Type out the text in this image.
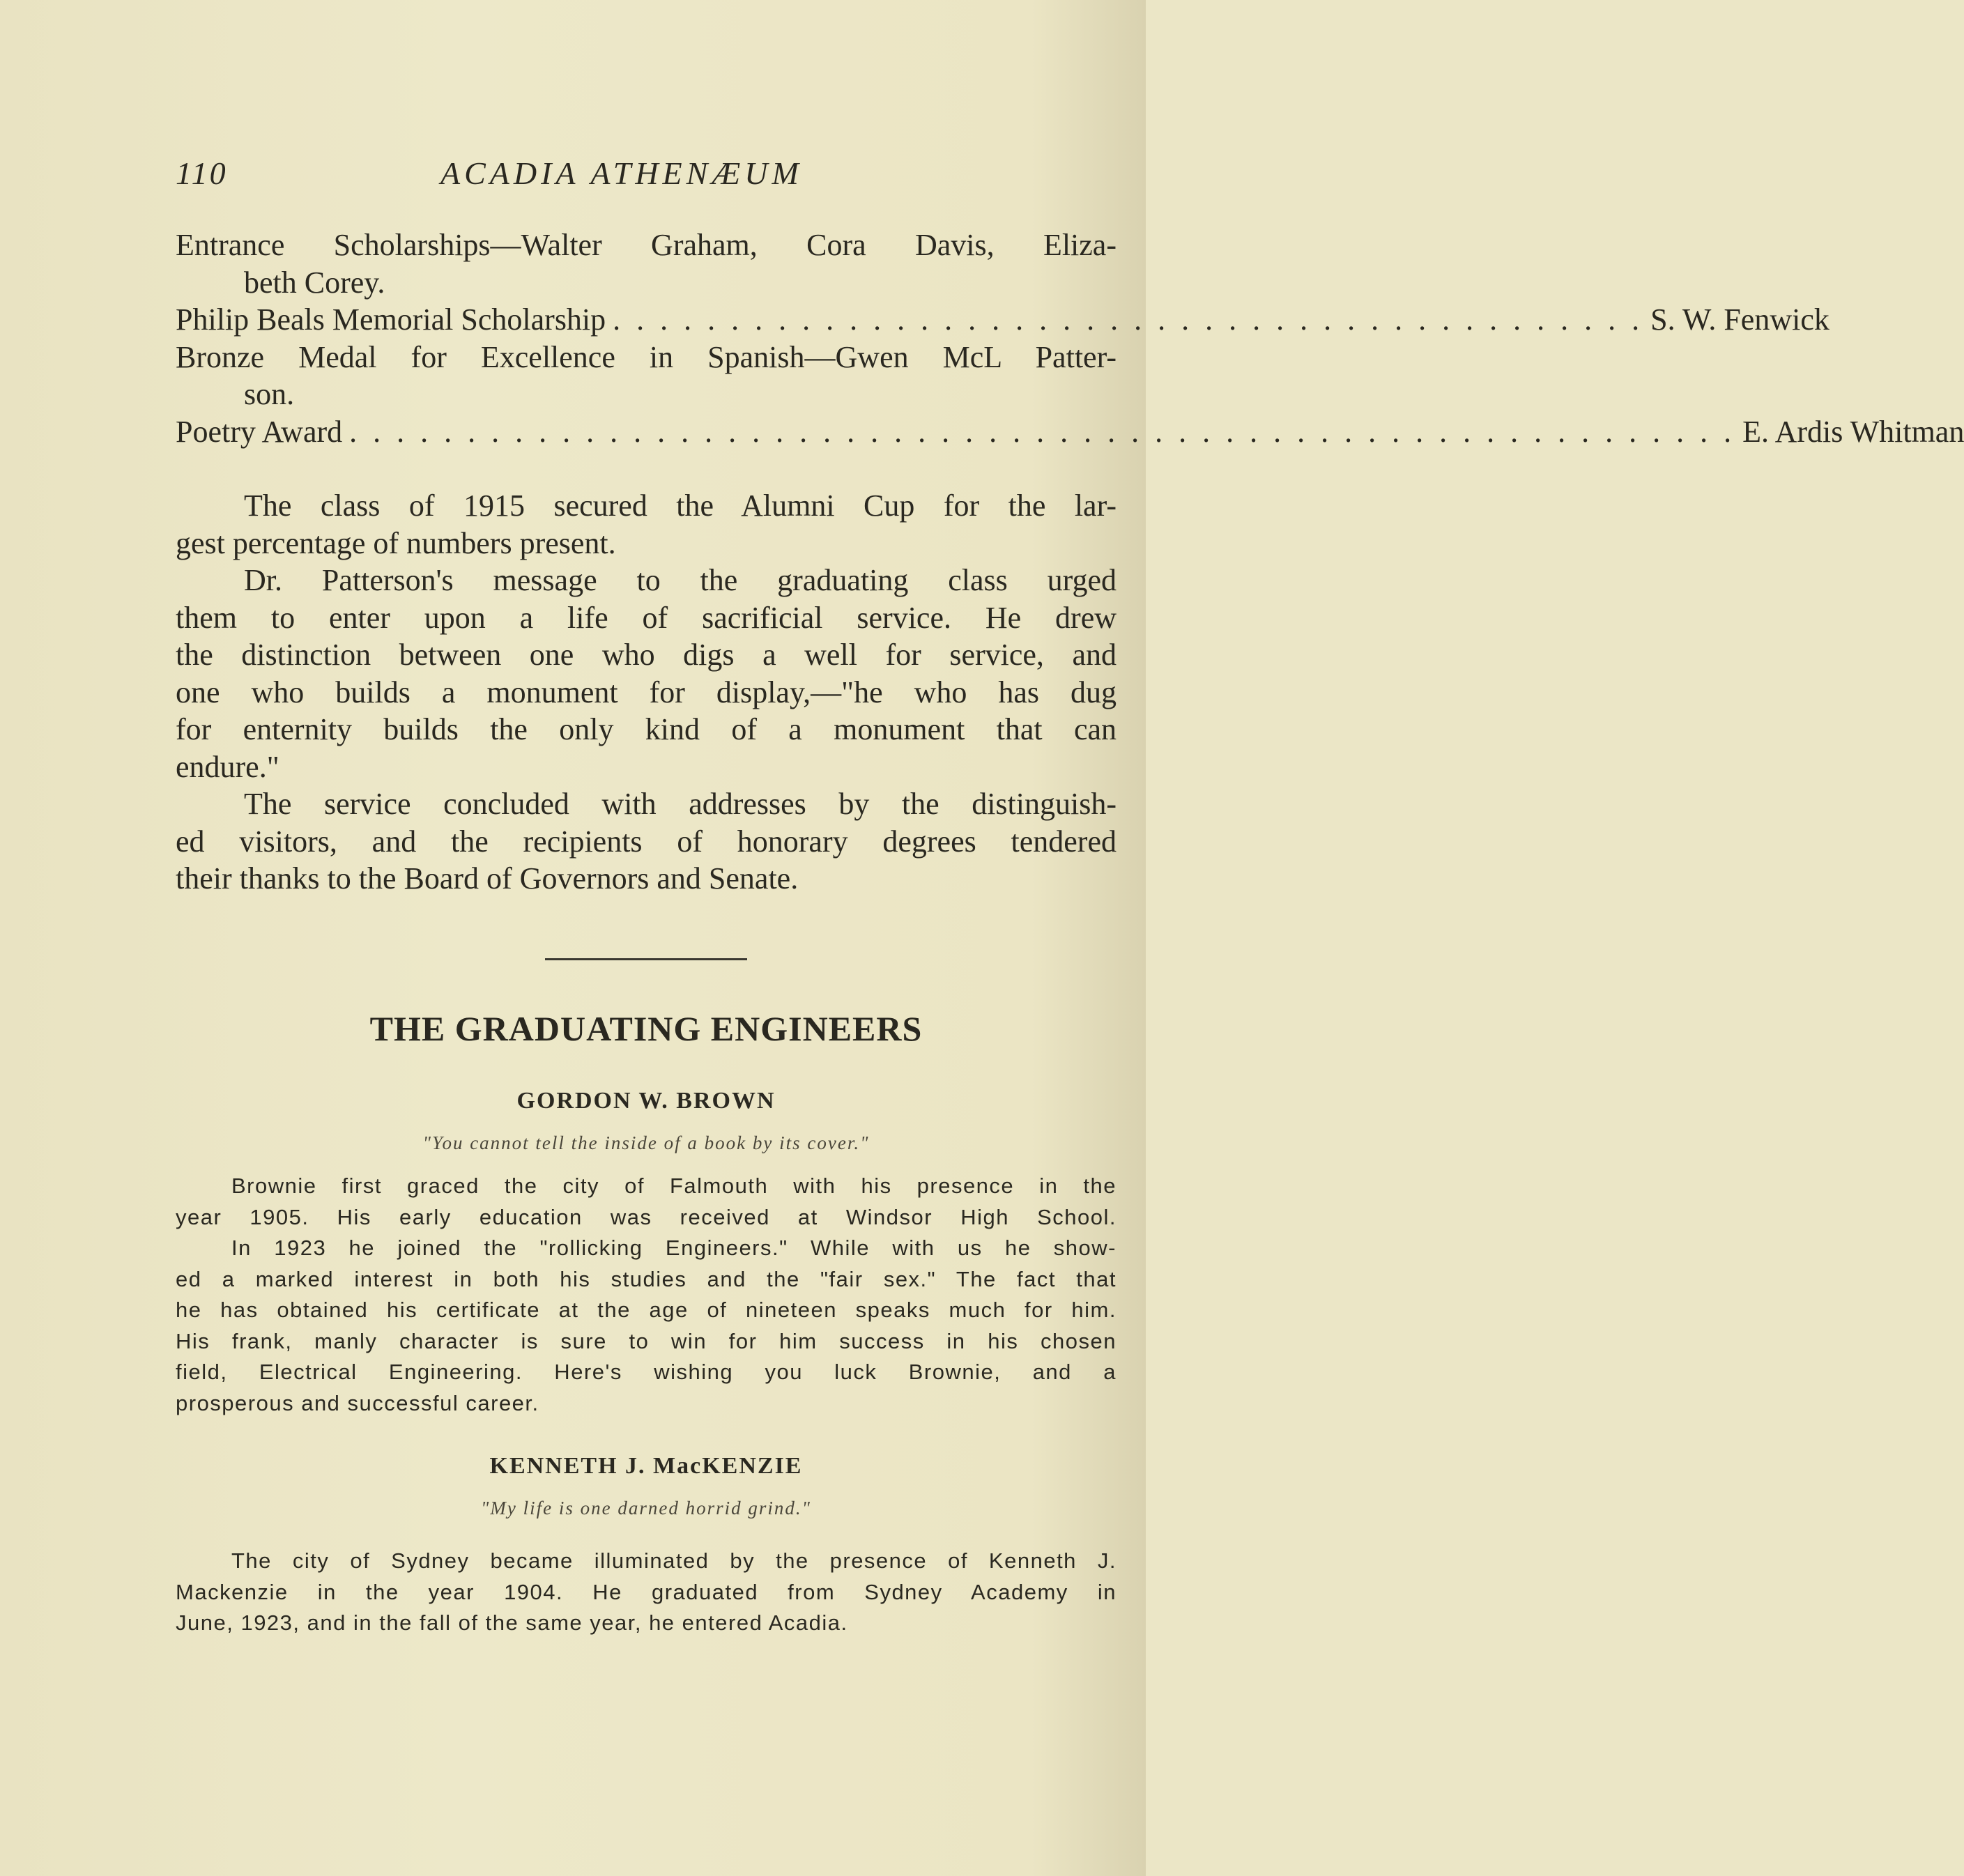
110	ACADIA ATHENÆUM

Entrance Scholarships—Walter Graham, Cora Davis, Eliza-

beth Corey.

Philip Beals Memorial Scholarship . . . . . . . . . . . . . . . . . . . . . . . . . . . . . . . . . . . . . . . . . . . . S. W. Fenwick

Bronze Medal for Excellence in Spanish—Gwen McL Patter-

son.

Poetry Award . . . . . . . . . . . . . . . . . . . . . . . . . . . . . . . . . . . . . . . . . . . . . . . . . . . . . . . . . . . E. Ardis Whitman

The class of 1915 secured the Alumni Cup for the lar-

gest percentage of numbers present.

Dr. Patterson's message to the graduating class urged

them to enter upon a life of sacrificial service. He drew

the distinction between one who digs a well for service, and

one who builds a monument for display,—"he who has dug

for enternity builds the only kind of a monument that can

endure."

The service concluded with addresses by the distinguish-

ed visitors, and the recipients of honorary degrees tendered

their thanks to the Board of Governors and Senate.

THE GRADUATING ENGINEERS

GORDON W. BROWN

"You cannot tell the inside of a book by its cover."

Brownie first graced the city of Falmouth with his presence in the

year 1905. His early education was received at Windsor High School.

In 1923 he joined the "rollicking Engineers." While with us he show-

ed a marked interest in both his studies and the "fair sex." The fact that

he has obtained his certificate at the age of nineteen speaks much for him.

His frank, manly character is sure to win for him success in his chosen

field, Electrical Engineering. Here's wishing you luck Brownie, and a

prosperous and successful career.

KENNETH J. MacKENZIE

"My life is one darned horrid grind."

The city of Sydney became illuminated by the presence of Kenneth J.

Mackenzie in the year 1904. He graduated from Sydney Academy in

June, 1923, and in the fall of the same year, he entered Acadia.
